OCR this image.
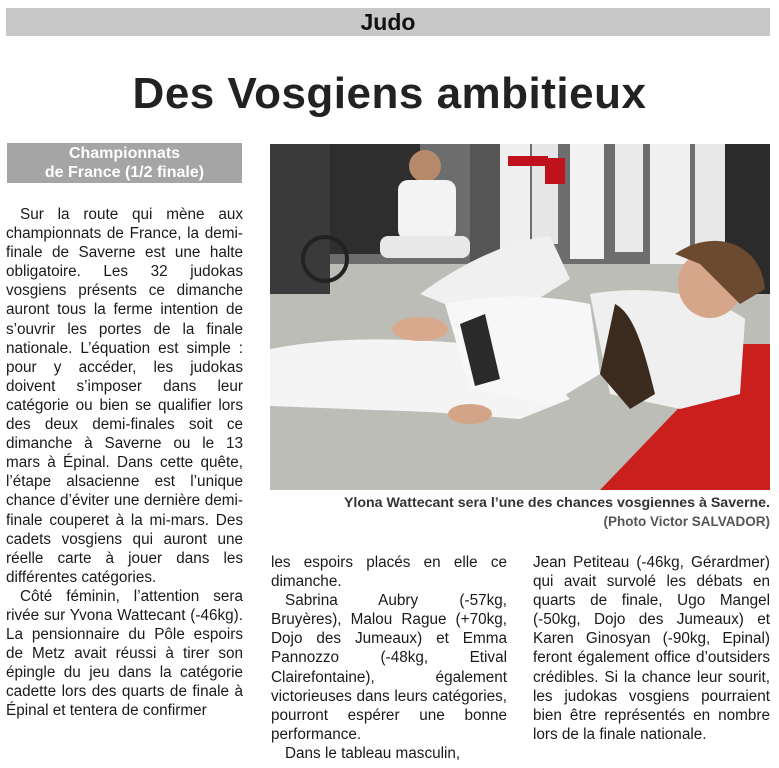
Judo
Des Vosgiens ambitieux
Championnats
de France (1/2 finale)

Sur la route qui mène aux championnats de France, la demi-finale de Saverne est une halte obligatoire. Les 32 judokas vosgiens présents ce dimanche auront tous la ferme intention de s’ouvrir les portes de la finale nationale. L’équation est simple : pour y accéder, les judokas doivent s’imposer dans leur catégorie ou bien se qualifier lors des deux demi-finales soit ce dimanche à Saverne ou le 13 mars à Épinal. Dans cette quête, l’étape alsacienne est l’unique chance d’éviter une dernière demi-finale couperet à la mi-mars. Des cadets vosgiens qui auront une réelle carte à jouer dans les différentes catégories.

Côté féminin, l’attention sera rivée sur Yvona Wattecant (-46kg). La pensionnaire du Pôle espoirs de Metz avait réussi à tirer son épingle du jeu dans la catégorie cadette lors des quarts de finale à Épinal et tentera de confirmer

Ylona Wattecant sera l’une des chances vosgiennes à Saverne.
(Photo Victor SALVADOR)

les espoirs placés en elle ce dimanche.

Sabrina Aubry (-57kg, Bruyères), Malou Rague (+70kg, Dojo des Jumeaux) et Emma Pannozzo (-48kg, Etival Clairefontaine), également victorieuses dans leurs catégories, pourront espérer une bonne performance.

Dans le tableau masculin,

Jean Petiteau (-46kg, Gérardmer) qui avait survolé les débats en quarts de finale, Ugo Mangel (-50kg, Dojo des Jumeaux) et Karen Ginosyan (-90kg, Epinal) feront également office d’outsiders crédibles. Si la chance leur sourit, les judokas vosgiens pourraient bien être représentés en nombre lors de la finale nationale.
